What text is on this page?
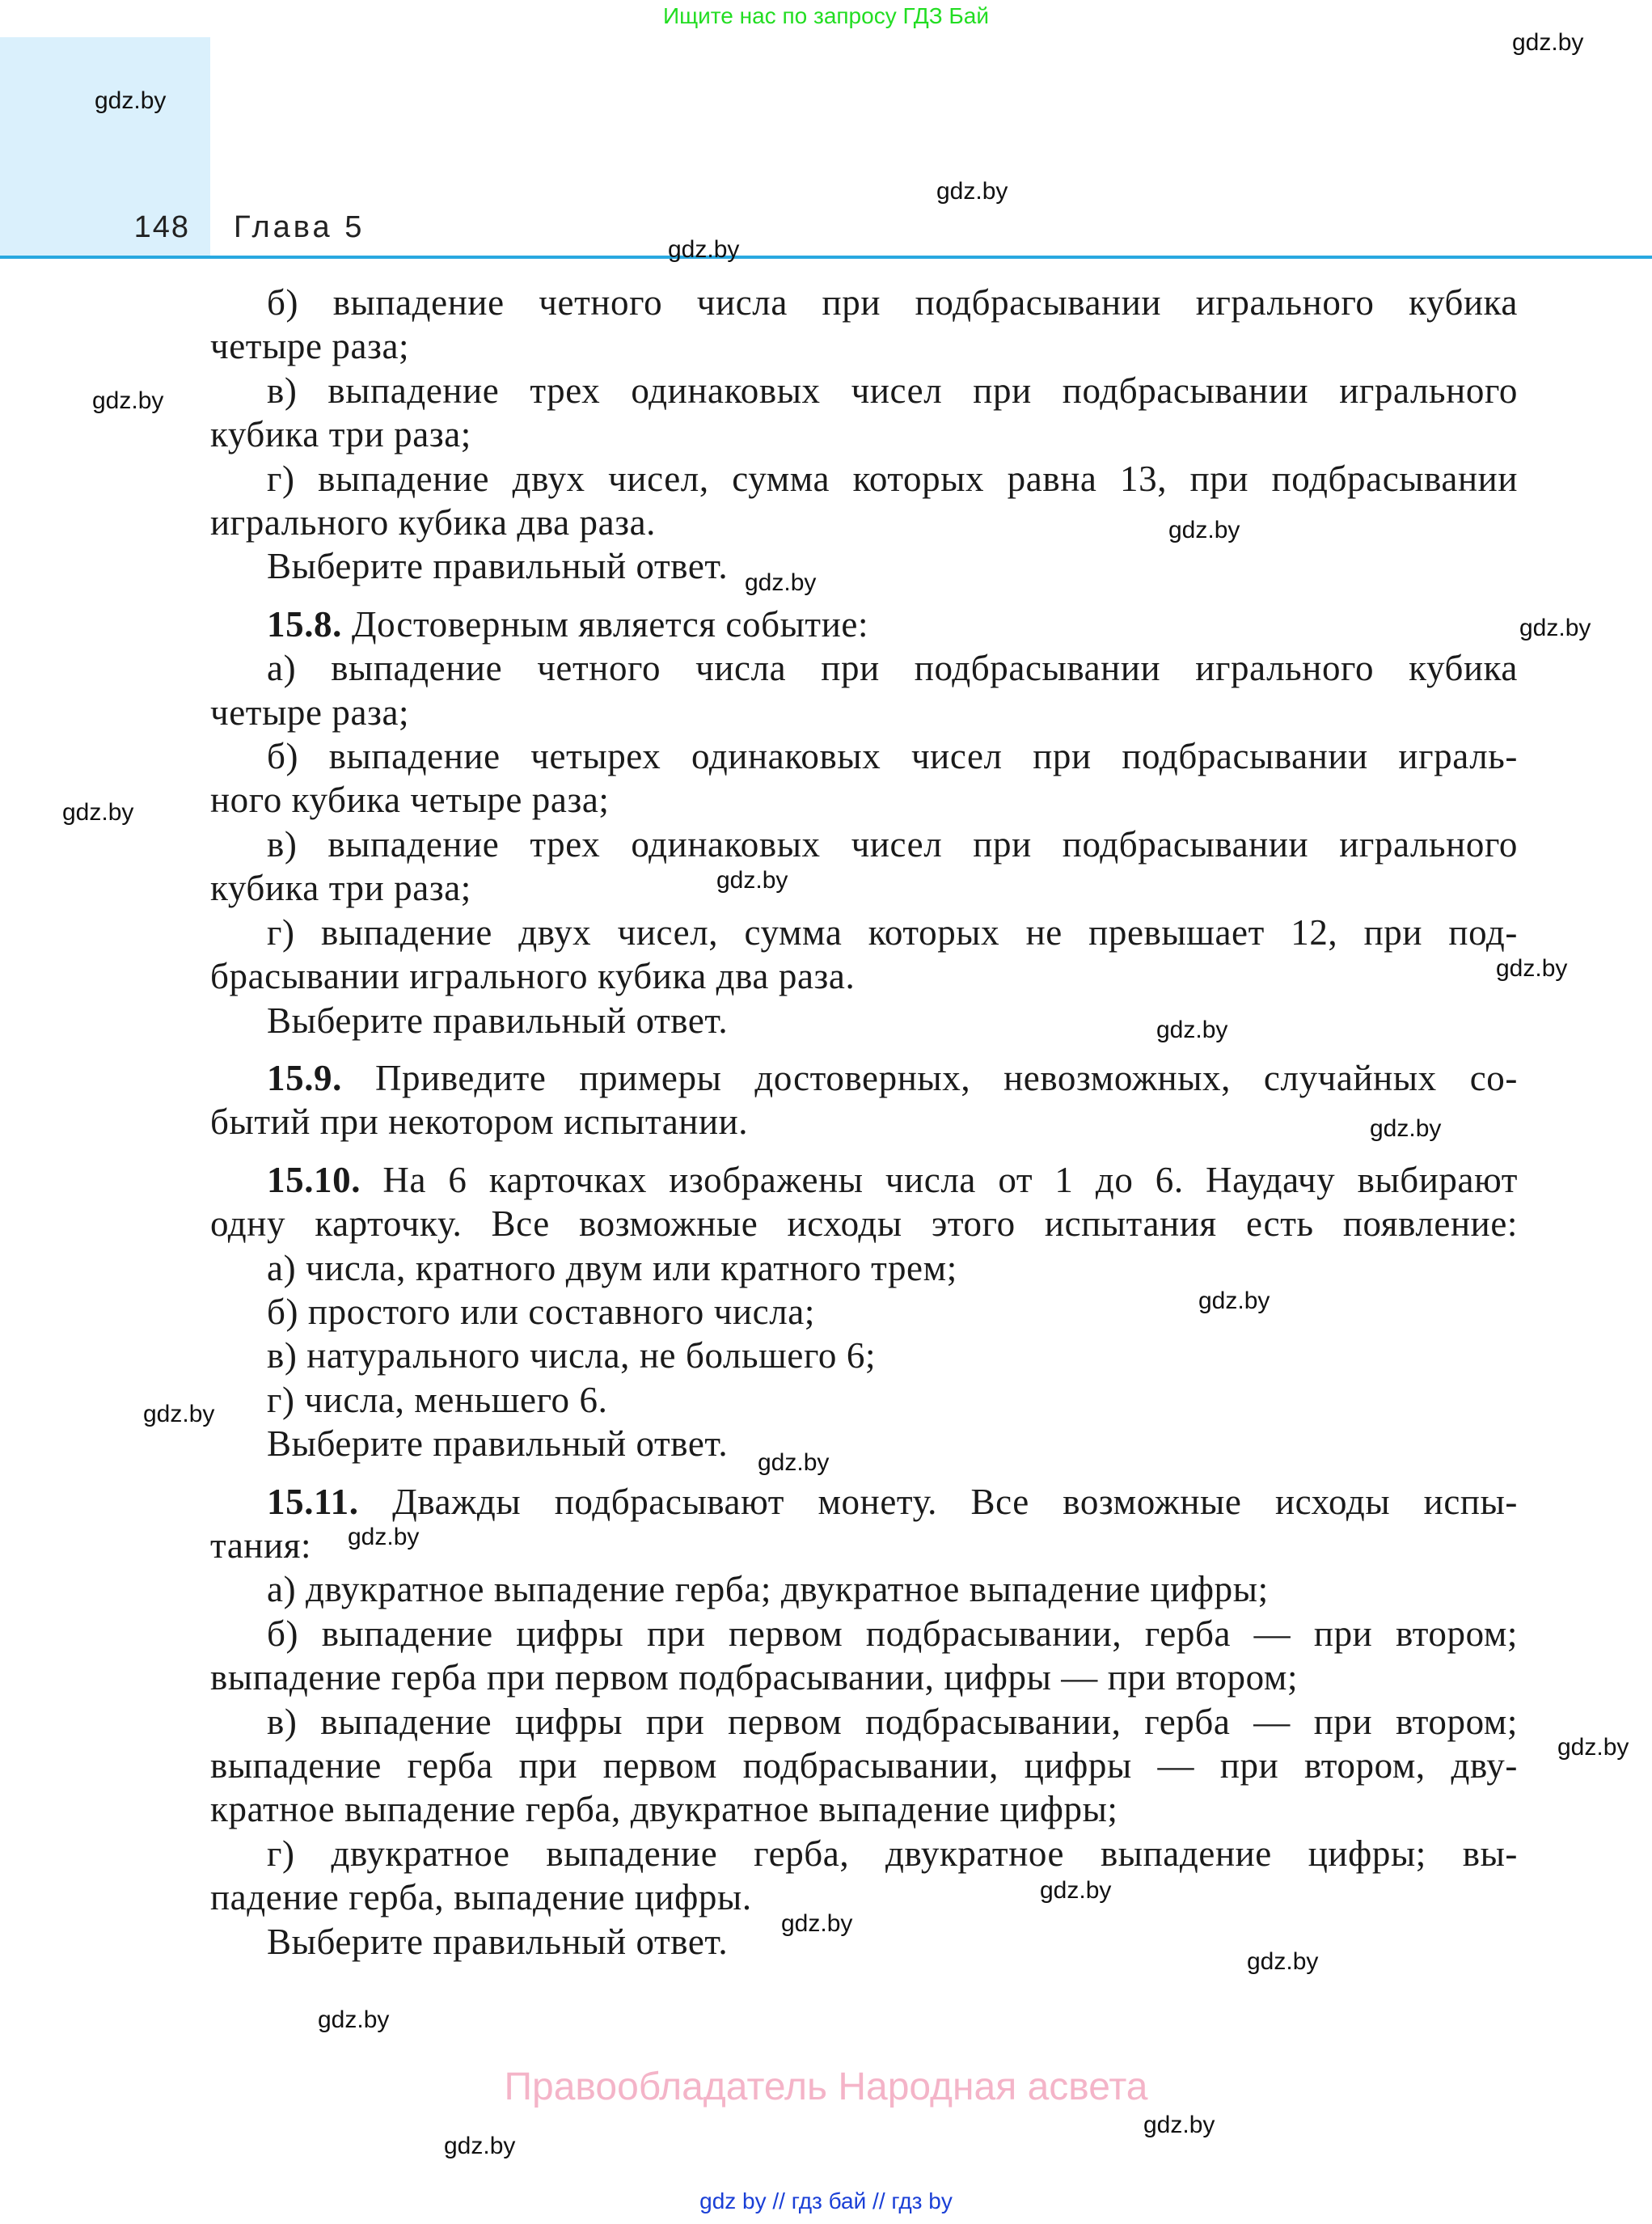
Ищите нас по запросу ГДЗ Бай
148 Глава 5
б) выпадение четного числа при подбрасывании игрального кубика
четыре раза;
в) выпадение трех одинаковых чисел при подбрасывании игрального
кубика три раза;
г) выпадение двух чисел, сумма которых равна 13, при подбрасывании
игрального кубика два раза.
Выберите правильный ответ.
15.8. Достоверным является событие:
а) выпадение четного числа при подбрасывании игрального кубика
четыре раза;
б) выпадение четырех одинаковых чисел при подбрасывании играль-
ного кубика четыре раза;
в) выпадение трех одинаковых чисел при подбрасывании игрального
кубика три раза;
г) выпадение двух чисел, сумма которых не превышает 12, при под-
брасывании игрального кубика два раза.
Выберите правильный ответ.
15.9. Приведите примеры достоверных, невозможных, случайных со-
бытий при некотором испытании.
15.10. На 6 карточках изображены числа от 1 до 6. Наудачу выбирают
одну карточку. Все возможные исходы этого испытания есть появление:
а) числа, кратного двум или кратного трем;
б) простого или составного числа;
в) натурального числа, не большего 6;
г) числа, меньшего 6.
Выберите правильный ответ.
15.11. Дважды подбрасывают монету. Все возможные исходы испы-
тания:
а) двукратное выпадение герба; двукратное выпадение цифры;
б) выпадение цифры при первом подбрасывании, герба — при втором;
выпадение герба при первом подбрасывании, цифры — при втором;
в) выпадение цифры при первом подбрасывании, герба — при втором;
выпадение герба при первом подбрасывании, цифры — при втором, дву-
кратное выпадение герба, двукратное выпадение цифры;
г) двукратное выпадение герба, двукратное выпадение цифры; вы-
падение герба, выпадение цифры.
Выберите правильный ответ.
gdz.by
gdz.by
gdz.by
gdz.by
gdz.by
gdz.by
gdz.by
gdz.by
gdz.by
gdz.by
gdz.by
gdz.by
gdz.by
gdz.by
gdz.by
gdz.by
gdz.by
gdz.by
gdz.by
gdz.by
gdz.by
gdz.by
gdz.by
gdz.by
Правообладатель Народная асвета
gdz by // гдз бай // гдз by
